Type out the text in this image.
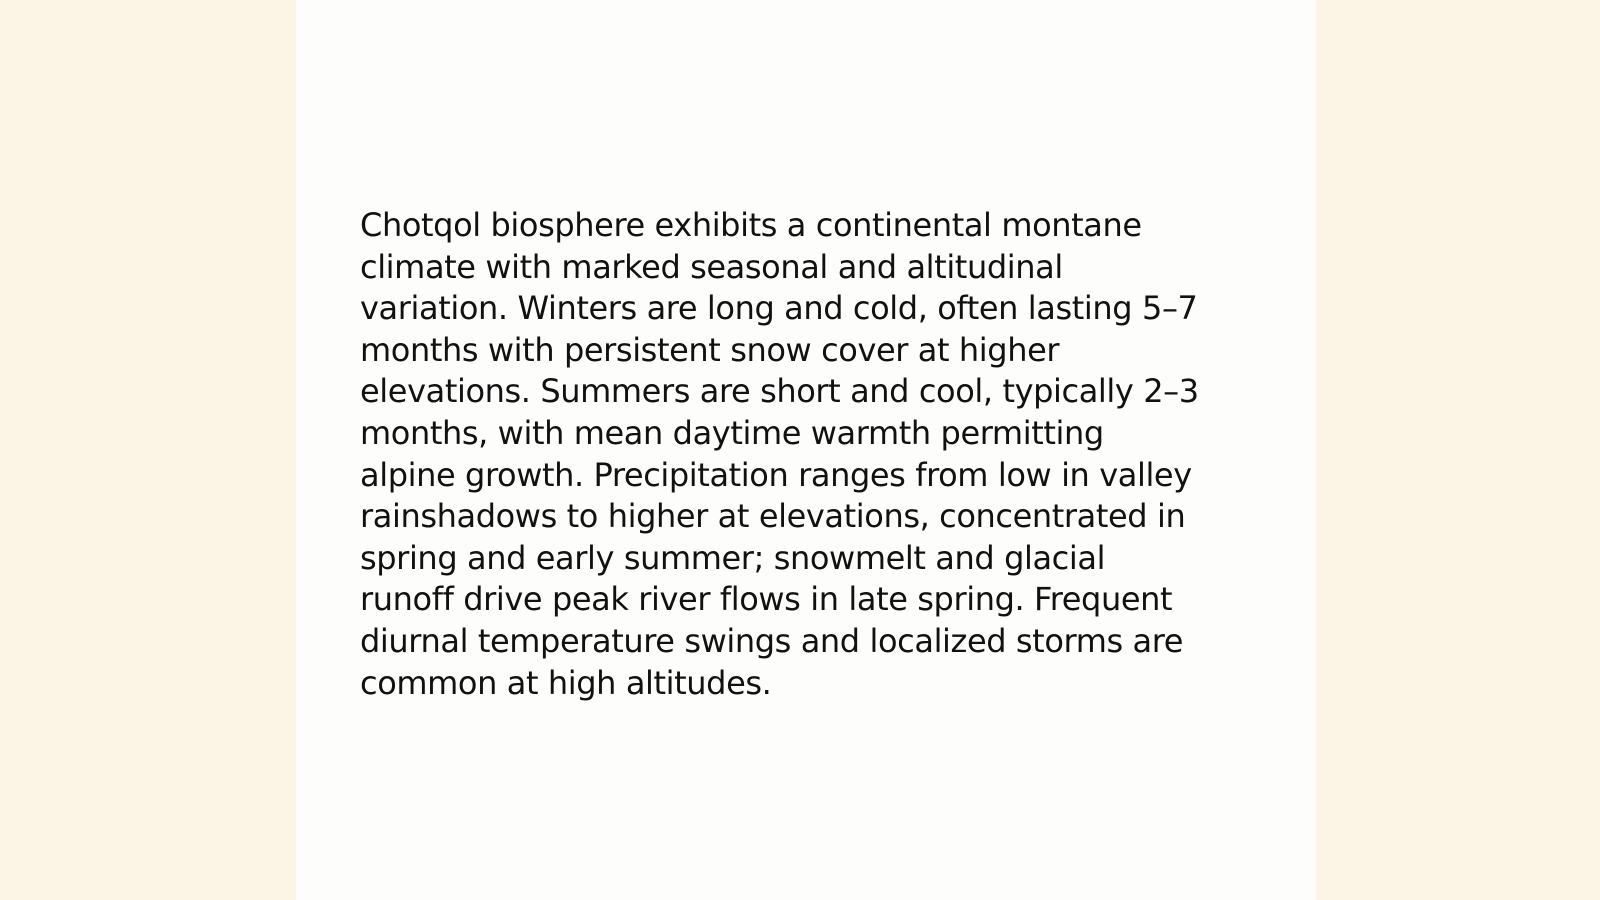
Chotqol biosphere exhibits a continental montane
climate with marked seasonal and altitudinal
variation. Winters are long and cold, often lasting 5–7
months with persistent snow cover at higher
elevations. Summers are short and cool, typically 2–3
months, with mean daytime warmth permitting
alpine growth. Precipitation ranges from low in valley
rainshadows to higher at elevations, concentrated in
spring and early summer; snowmelt and glacial
runoff drive peak river flows in late spring. Frequent
diurnal temperature swings and localized storms are
common at high altitudes.
